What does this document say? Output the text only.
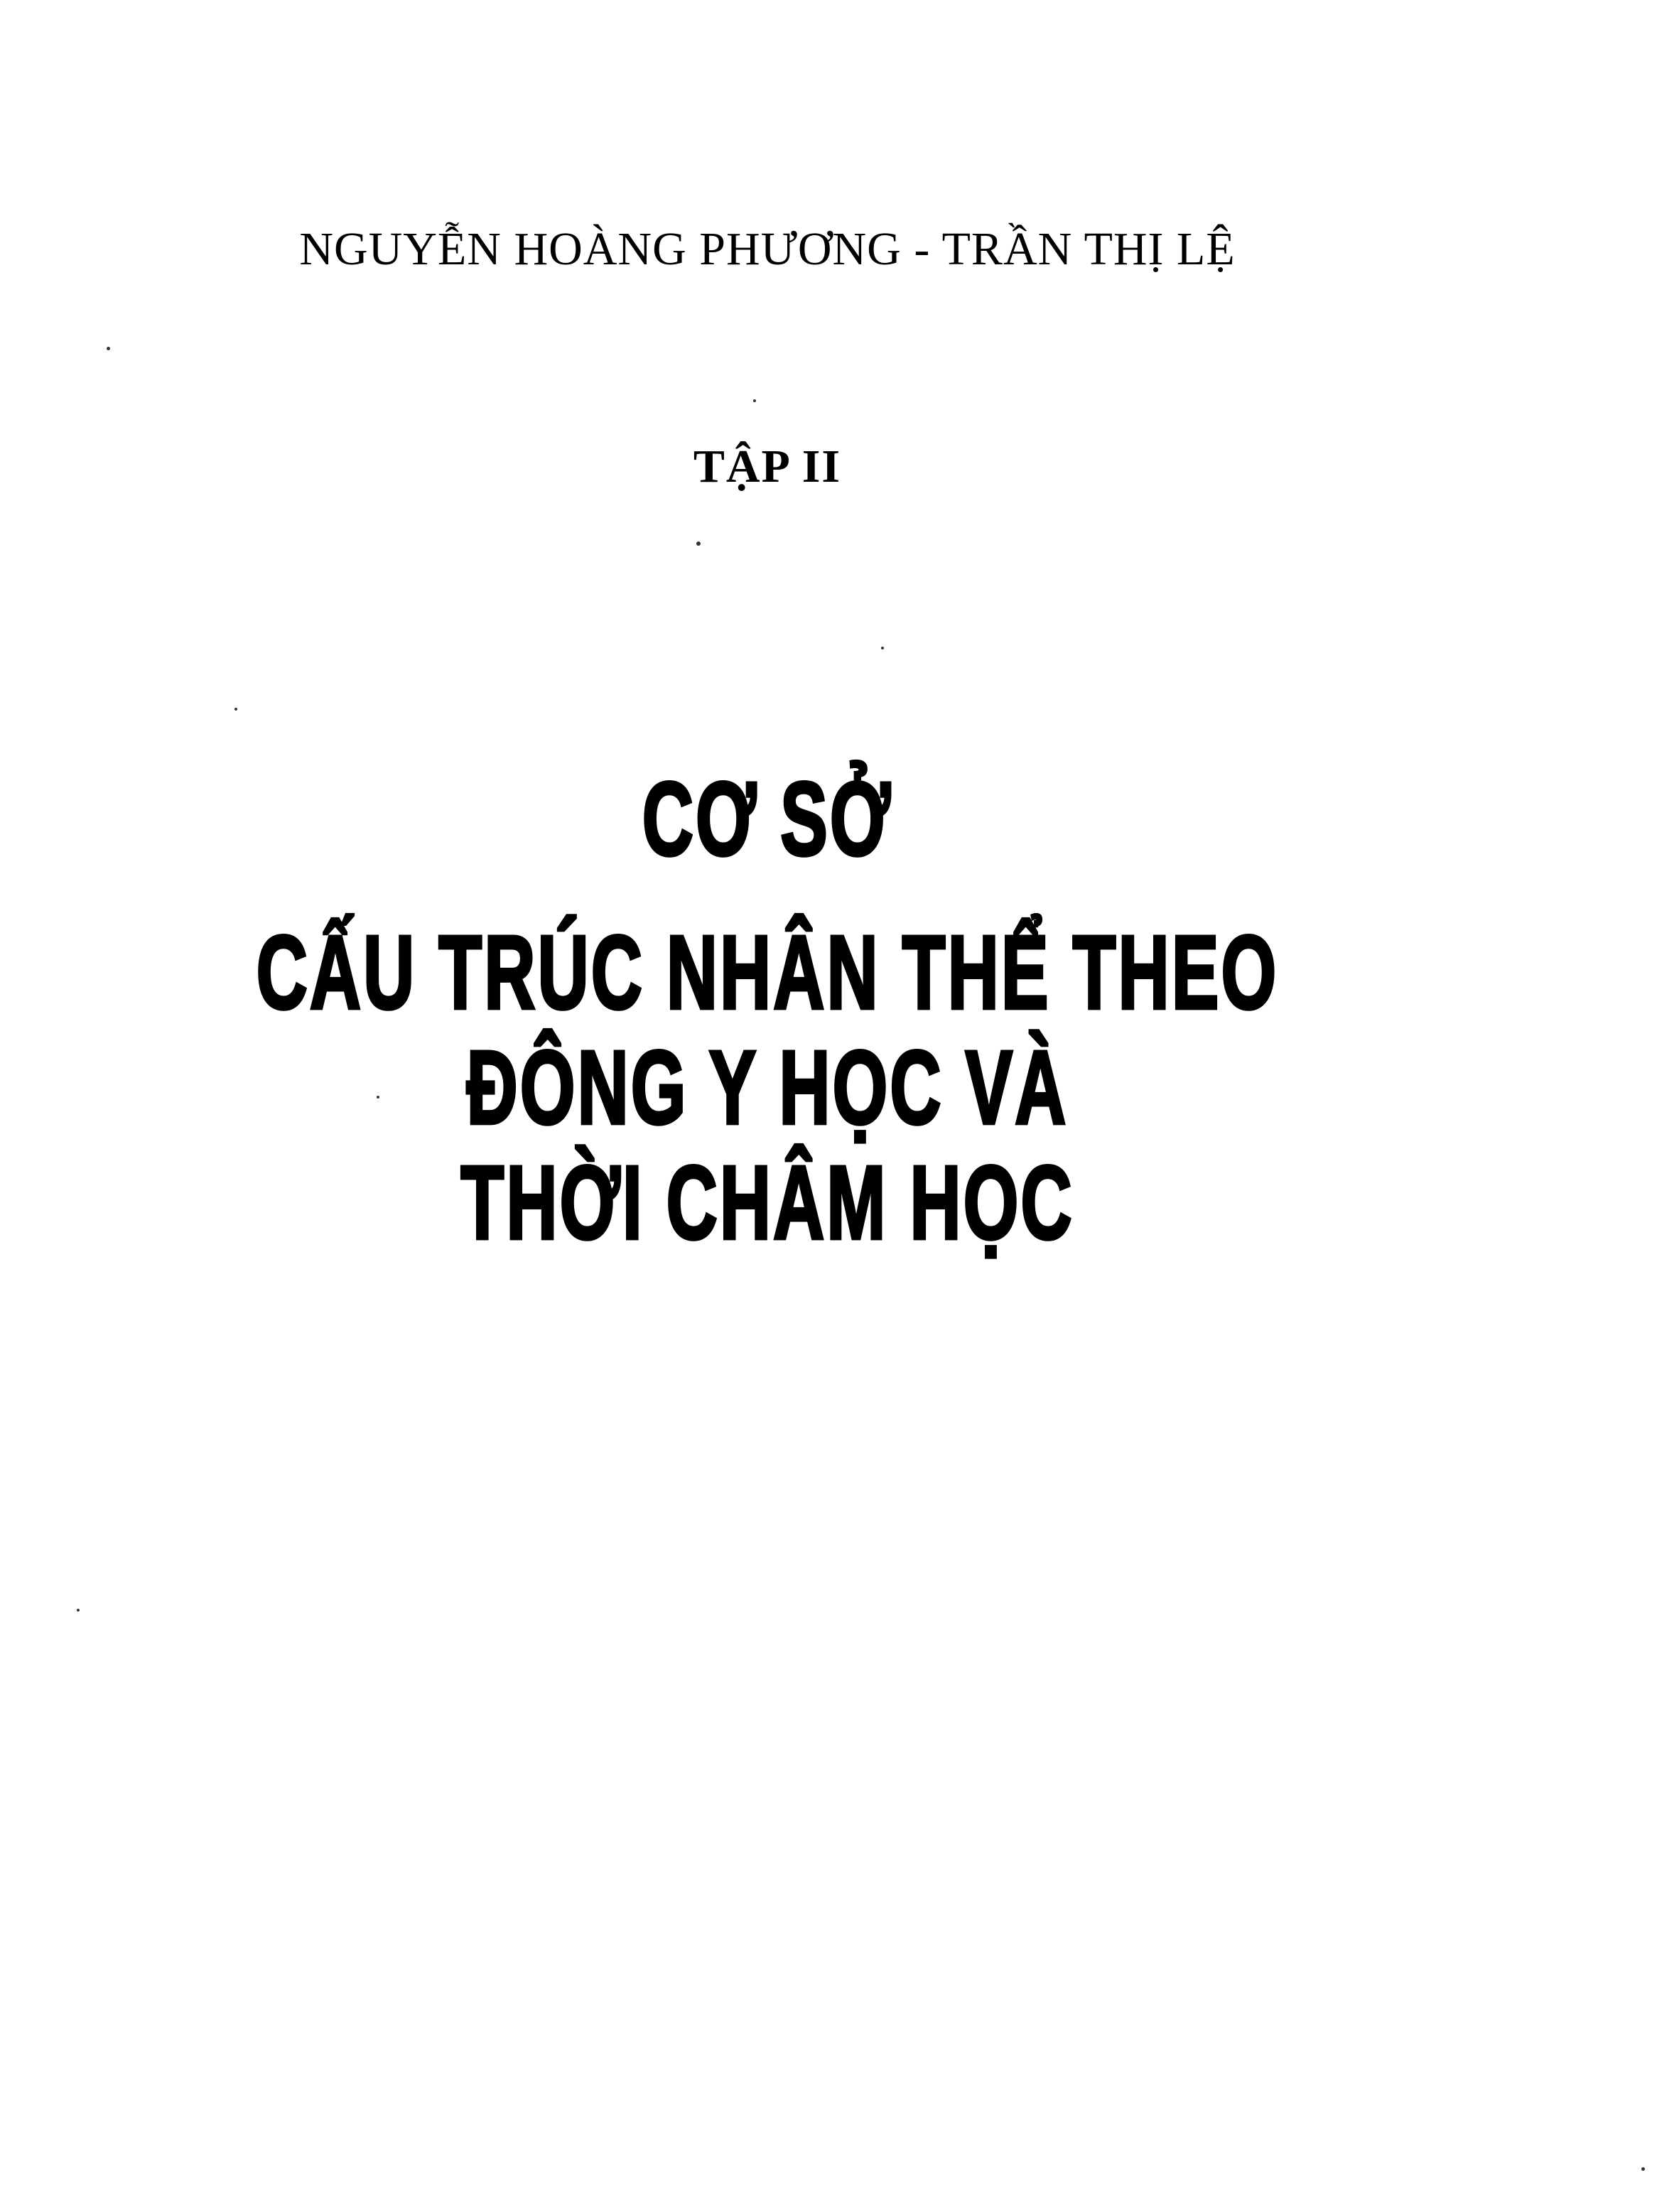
NGUYỄN HOÀNG PHƯƠNG - TRẦN THỊ LỆ
TẬP II
CƠ SỞ
CẤU TRÚC NHÂN THỂ THEO
ĐÔNG Y HỌC VÀ
THỜI CHÂM HỌC
